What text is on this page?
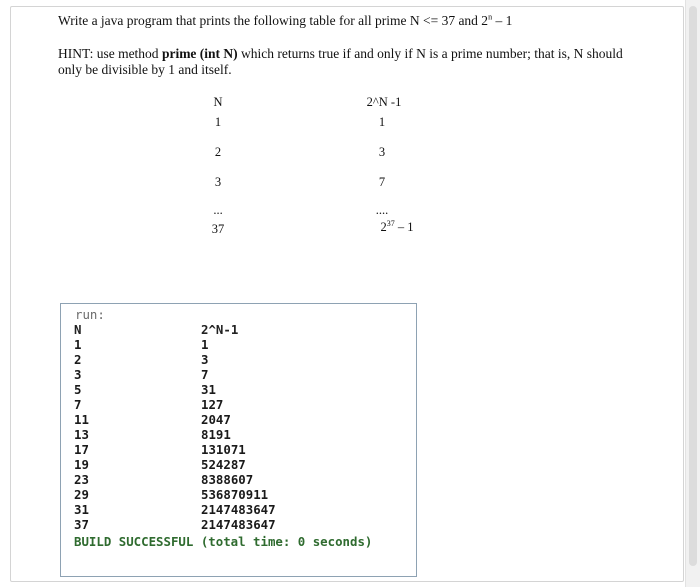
Write a java program that prints the following table for all prime N <= 37 and 2$^n$ – 1

HINT: use method prime (int N) which returns true if and only if N is a prime number; that is, N should

only be divisible by 1 and itself.

N	2^N -1
1	1
2	3
3	7
...	....
37	$2^{37} - 1$
run:
N	2^N-1
1	1
2	3
3	7
5	31
7	127
11	2047
13	8191
17	131071
19	524287
23	8388607
29	536870911
31	2147483647
37	2147483647
BUILD SUCCESSFUL (total time: 0 seconds)
